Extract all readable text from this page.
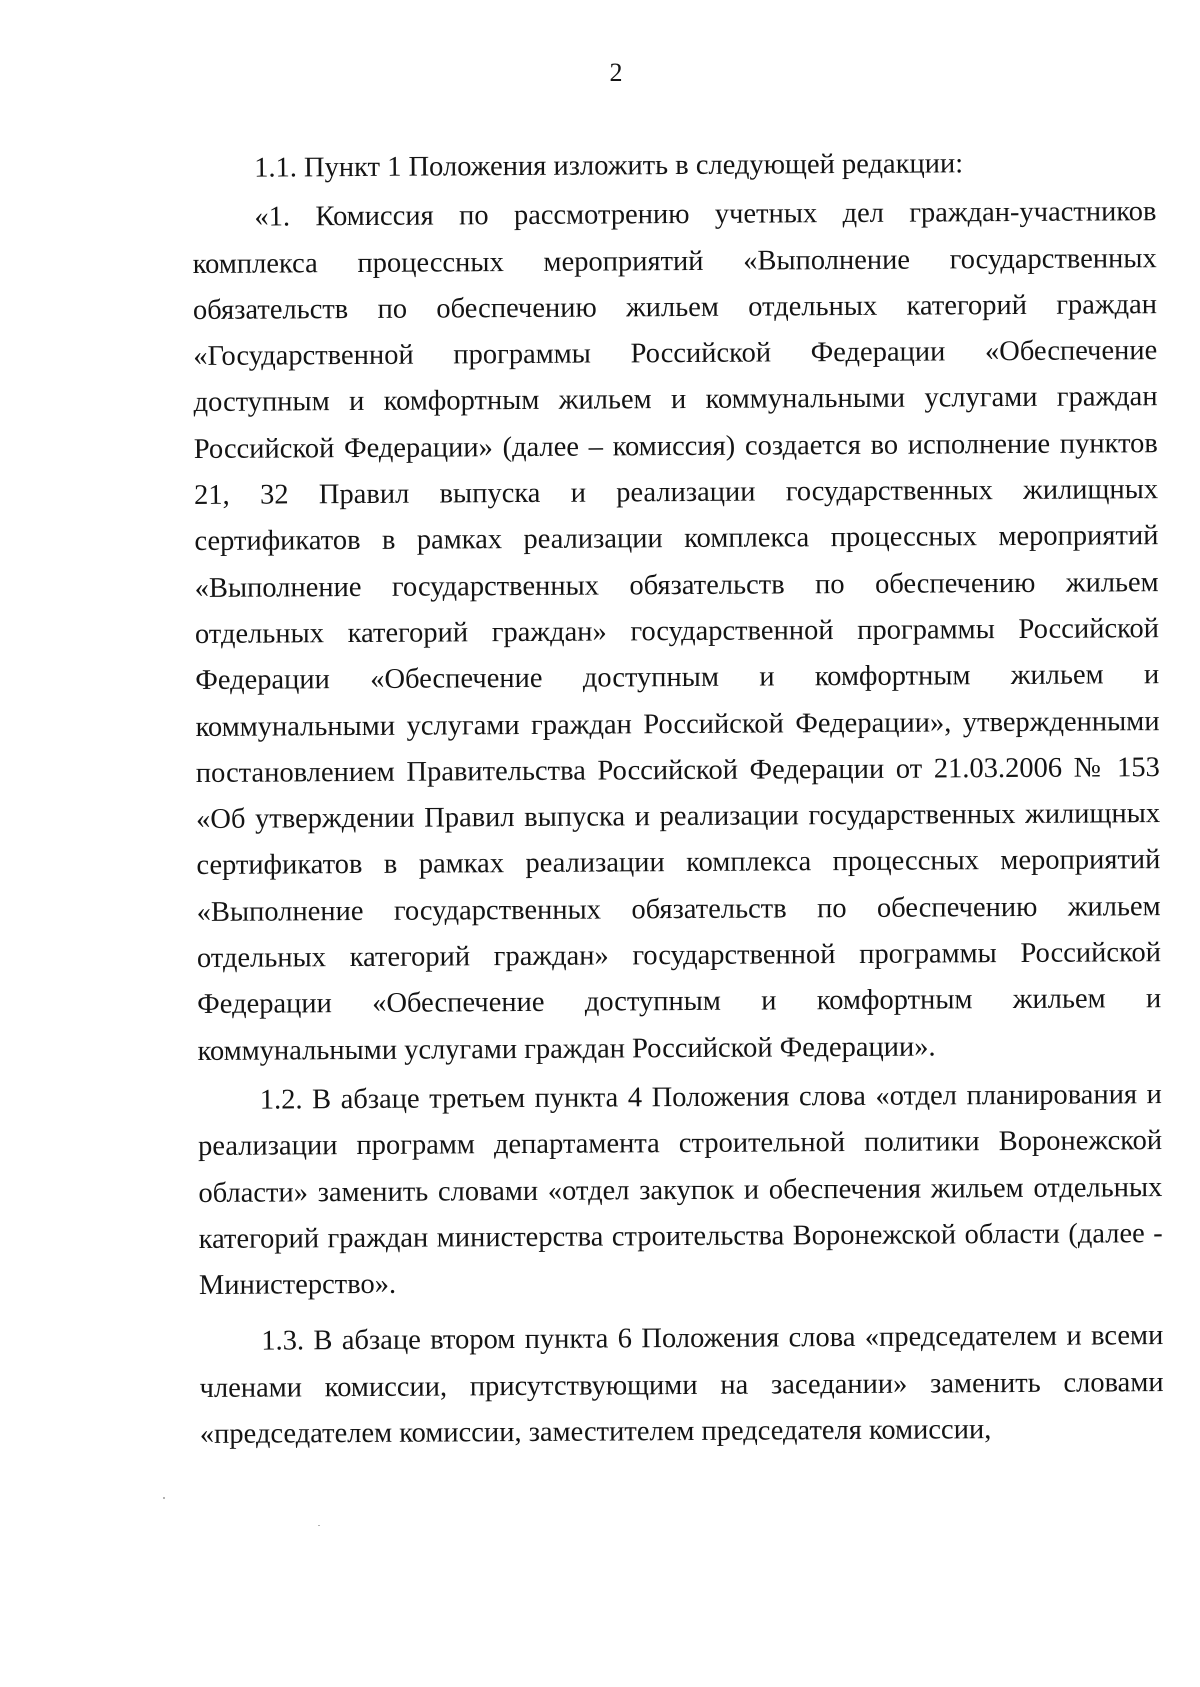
2

1.1. Пункт 1 Положения изложить в следующей редакции:

«1. Комиссия по рассмотрению учетных дел граждан-участников комплекса процессных мероприятий «Выполнение государственных обязательств по обеспечению жильем отдельных категорий граждан «Государственной программы Российской Федерации «Обеспечение доступным и комфортным жильем и коммунальными услугами граждан Российской Федерации» (далее – комиссия) создается во исполнение пунктов 21, 32 Правил выпуска и реализации государственных жилищных сертификатов в рамках реализации комплекса процессных мероприятий «Выполнение государственных обязательств по обеспечению жильем отдельных категорий граждан» государственной программы Российской Федерации «Обеспечение доступным и комфортным жильем и коммунальными услугами граждан Российской Федерации», утвержденными постановлением Правительства Российской Федерации от 21.03.2006 № 153 «Об утверждении Правил выпуска и реализации государственных жилищных сертификатов в рамках реализации комплекса процессных мероприятий «Выполнение государственных обязательств по обеспечению жильем отдельных категорий граждан» государственной программы Российской Федерации «Обеспечение доступным и комфортным жильем и коммунальными услугами граждан Российской Федерации».

1.2. В абзаце третьем пункта 4 Положения слова «отдел планирования и реализации программ департамента строительной политики Воронежской области» заменить словами «отдел закупок и обеспечения жильем отдельных категорий граждан министерства строительства Воронежской области (далее - Министерство».

1.3. В абзаце втором пункта 6 Положения слова «председателем и всеми членами комиссии, присутствующими на заседании» заменить словами «председателем комиссии, заместителем председателя комиссии,
